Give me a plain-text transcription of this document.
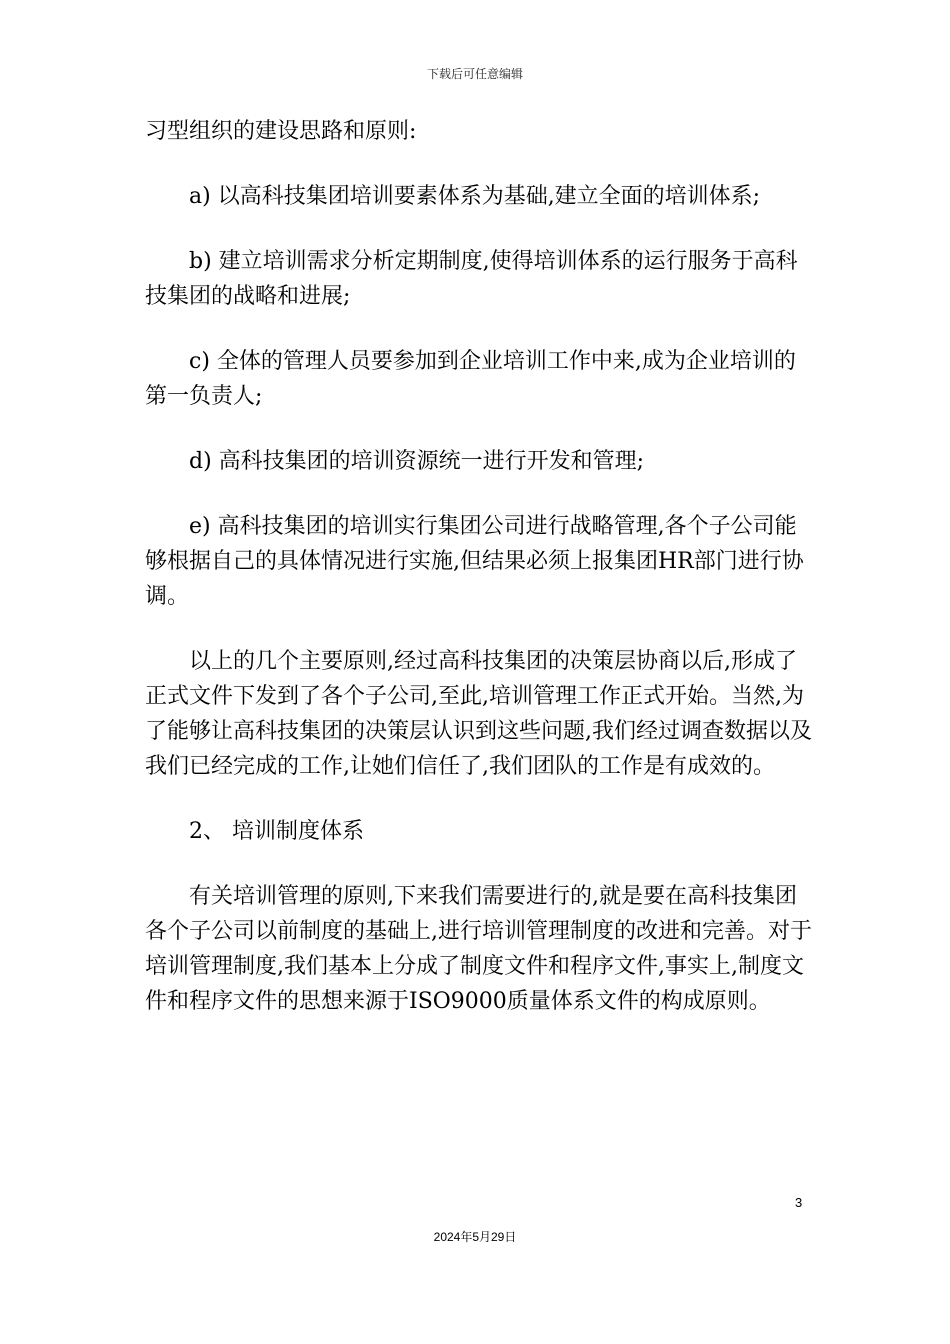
下载后可任意编辑

习型组织的建设思路和原则:

a) 以高科技集团培训要素体系为基础,建立全面的培训体系;

b) 建立培训需求分析定期制度,使得培训体系的运行服务于高科技集团的战略和进展;

c) 全体的管理人员要参加到企业培训工作中来,成为企业培训的第一负责人;

d) 高科技集团的培训资源统一进行开发和管理;

e) 高科技集团的培训实行集团公司进行战略管理,各个子公司能够根据自己的具体情况进行实施,但结果必须上报集团HR部门进行协调。

以上的几个主要原则,经过高科技集团的决策层协商以后,形成了正式文件下发到了各个子公司,至此,培训管理工作正式开始。当然,为了能够让高科技集团的决策层认识到这些问题,我们经过调查数据以及我们已经完成的工作,让她们信任了,我们团队的工作是有成效的。

2、 培训制度体系

有关培训管理的原则,下来我们需要进行的,就是要在高科技集团各个子公司以前制度的基础上,进行培训管理制度的改进和完善。对于培训管理制度,我们基本上分成了制度文件和程序文件,事实上,制度文件和程序文件的思想来源于ISO9000质量体系文件的构成原则。

3
2024年5月29日
